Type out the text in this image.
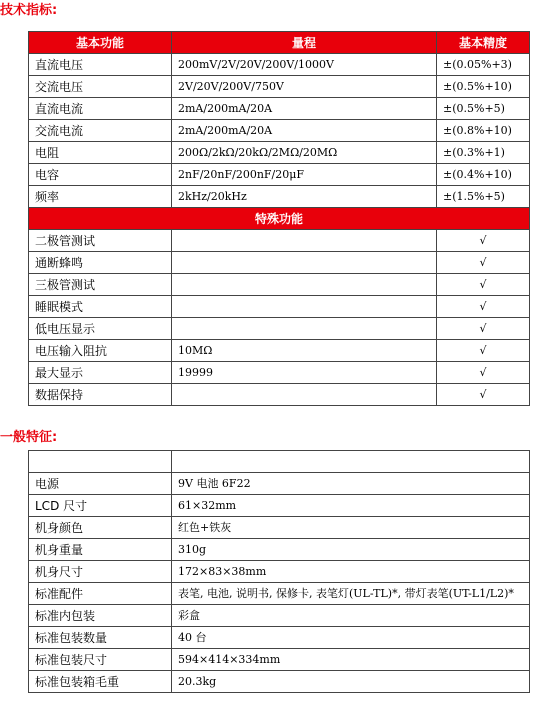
技术指标:
基本功能	量程	基本精度
直流电压	200mV/2V/20V/200V/1000V	±(0.05%+3)
交流电压	2V/20V/200V/750V	±(0.5%+10)
直流电流	2mA/200mA/20A	±(0.5%+5)
交流电流	2mA/200mA/20A	±(0.8%+10)
电阻	200Ω/2kΩ/20kΩ/2MΩ/20MΩ	±(0.3%+1)
电容	2nF/20nF/200nF/20μF	±(0.4%+10)
频率	2kHz/20kHz	±(1.5%+5)
特殊功能		
二极管测试		√
通断蜂鸣		√
三极管测试		√
睡眠模式		√
低电压显示		√
电压输入阻抗	10MΩ	√
最大显示	19999	√
数据保持		√
一般特征:

电源	9V 电池 6F22
LCD 尺寸	61×32mm
机身颜色	红色+铁灰
机身重量	310g
机身尺寸	172×83×38mm
标准配件	表笔, 电池, 说明书, 保修卡, 表笔灯(UL-TL)*, 带灯表笔(UT-L1/L2)*
标准内包装	彩盒
标准包装数量	40 台
标准包装尺寸	594×414×334mm
标准包装箱毛重	20.3kg
